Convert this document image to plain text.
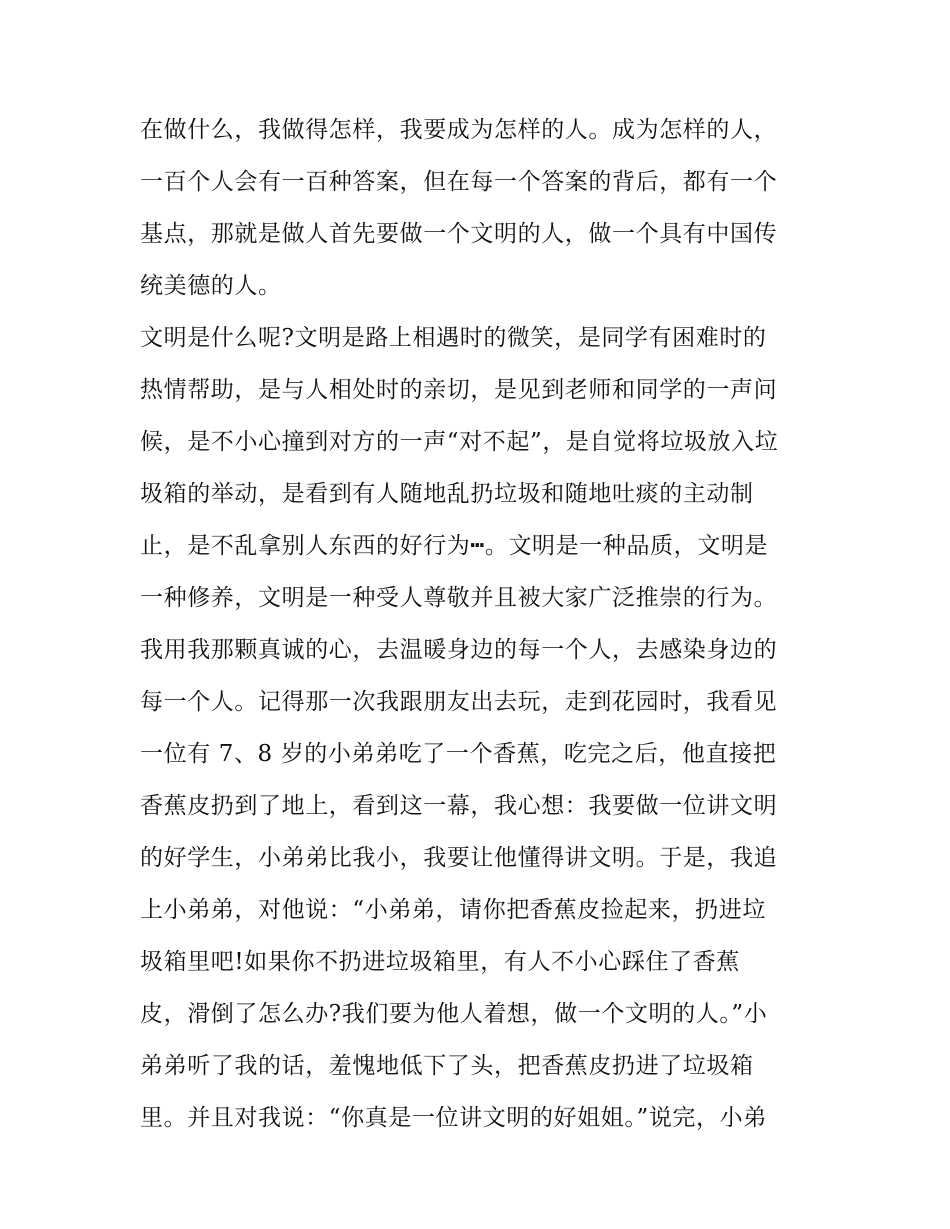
在做什么，我做得怎样，我要成为怎样的人。成为怎样的人，
一百个人会有一百种答案，但在每一个答案的背后，都有一个
基点，那就是做人首先要做一个文明的人，做一个具有中国传
统美德的人。
文明是什么呢?文明是路上相遇时的微笑，是同学有困难时的
热情帮助，是与人相处时的亲切，是见到老师和同学的一声问
候，是不小心撞到对方的一声“对不起”，是自觉将垃圾放入垃
圾箱的举动，是看到有人随地乱扔垃圾和随地吐痰的主动制
止，是不乱拿别人东西的好行为┅。文明是一种品质，文明是
一种修养，文明是一种受人尊敬并且被大家广泛推崇的行为。
我用我那颗真诚的心，去温暖身边的每一个人，去感染身边的
每一个人。记得那一次我跟朋友出去玩，走到花园时，我看见
一位有 7、8 岁的小弟弟吃了一个香蕉，吃完之后，他直接把
香蕉皮扔到了地上，看到这一幕，我心想：我要做一位讲文明
的好学生，小弟弟比我小，我要让他懂得讲文明。于是，我追
上小弟弟，对他说：“小弟弟，请你把香蕉皮捡起来，扔进垃
圾箱里吧!如果你不扔进垃圾箱里，有人不小心踩住了香蕉
皮，滑倒了怎么办?我们要为他人着想，做一个文明的人。”小
弟弟听了我的话，羞愧地低下了头，把香蕉皮扔进了垃圾箱
里。并且对我说：“你真是一位讲文明的好姐姐。”说完，小弟
